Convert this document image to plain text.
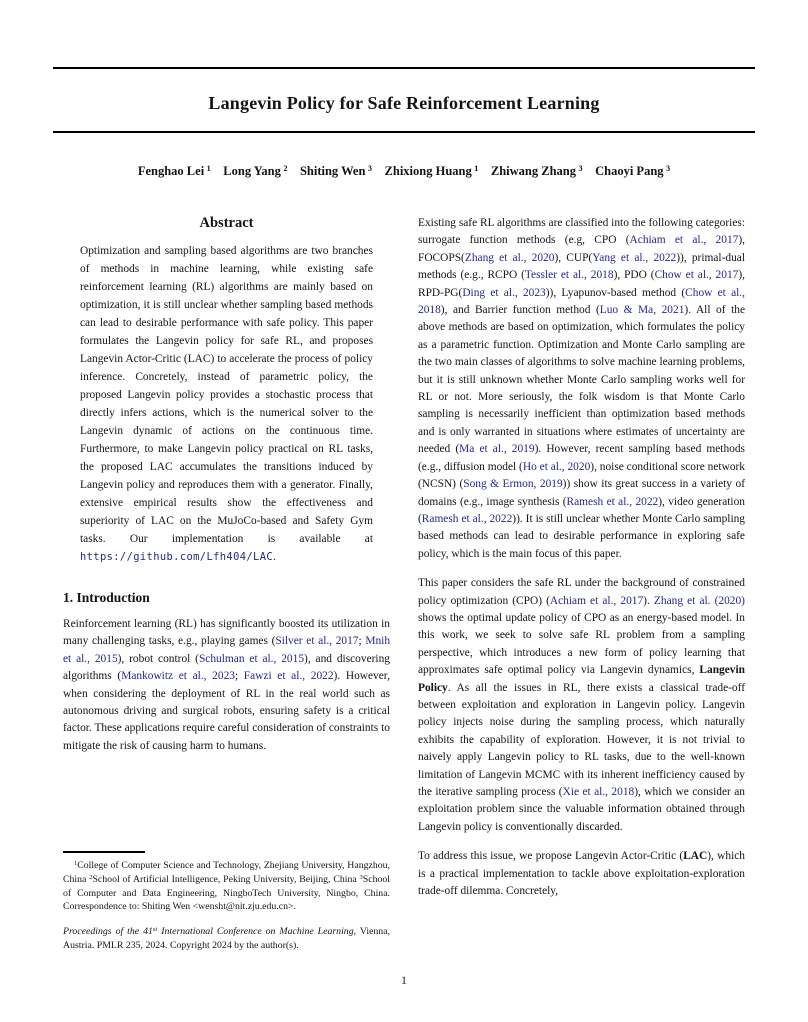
Langevin Policy for Safe Reinforcement Learning
Fenghao Lei $^1$  Long Yang $^2$  Shiting Wen $^3$  Zhixiong Huang $^1$  Zhiwang Zhang $^3$  Chaoyi Pang $^3$
Abstract

Optimization and sampling based algorithms are two branches of methods in machine learning, while existing safe reinforcement learning (RL) algorithms are mainly based on optimization, it is still unclear whether sampling based methods can lead to desirable performance with safe policy. This paper formulates the Langevin policy for safe RL, and proposes Langevin Actor-Critic (LAC) to accelerate the process of policy inference. Concretely, instead of parametric policy, the proposed Langevin policy provides a stochastic process that directly infers actions, which is the numerical solver to the Langevin dynamic of actions on the continuous time. Furthermore, to make Langevin policy practical on RL tasks, the proposed LAC accumulates the transitions induced by Langevin policy and reproduces them with a generator. Finally, extensive empirical results show the effectiveness and superiority of LAC on the MuJoCo-based and Safety Gym tasks. Our implementation is available at https://github.com/Lfh404/LAC.

1. Introduction

Reinforcement learning (RL) has significantly boosted its utilization in many challenging tasks, e.g., playing games (Silver et al., 2017; Mnih et al., 2015), robot control (Schulman et al., 2015), and discovering algorithms (Mankowitz et al., 2023; Fawzi et al., 2022). However, when considering the deployment of RL in the real world such as autonomous driving and surgical robots, ensuring safety is a critical factor. These applications require careful consideration of constraints to mitigate the risk of causing harm to humans.

Existing safe RL algorithms are classified into the following categories: surrogate function methods (e.g, CPO (Achiam et al., 2017), FOCOPS(Zhang et al., 2020), CUP(Yang et al., 2022)), primal-dual methods (e.g., RCPO (Tessler et al., 2018), PDO (Chow et al., 2017), RPD-PG(Ding et al., 2023)), Lyapunov-based method (Chow et al., 2018), and Barrier function method (Luo & Ma, 2021). All of the above methods are based on optimization, which formulates the policy as a parametric function. Optimization and Monte Carlo sampling are the two main classes of algorithms to solve machine learning problems, but it is still unknown whether Monte Carlo sampling works well for RL or not. More seriously, the folk wisdom is that Monte Carlo sampling is necessarily inefficient than optimization based methods and is only warranted in situations where estimates of uncertainty are needed (Ma et al., 2019). However, recent sampling based methods (e.g., diffusion model (Ho et al., 2020), noise conditional score network (NCSN) (Song & Ermon, 2019)) show its great success in a variety of domains (e.g., image synthesis (Ramesh et al., 2022), video generation (Ramesh et al., 2022)). It is still unclear whether Monte Carlo sampling based methods can lead to desirable performance in exploring safe policy, which is the main focus of this paper.

This paper considers the safe RL under the background of constrained policy optimization (CPO) (Achiam et al., 2017). Zhang et al. (2020) shows the optimal update policy of CPO as an energy-based model. In this work, we seek to solve safe RL problem from a sampling perspective, which introduces a new form of policy learning that approximates safe optimal policy via Langevin dynamics, Langevin Policy. As all the issues in RL, there exists a classical trade-off between exploitation and exploration in Langevin policy. Langevin policy injects noise during the sampling process, which naturally exhibits the capability of exploration. However, it is not trivial to naively apply Langevin policy to RL tasks, due to the well-known limitation of Langevin MCMC with its inherent inefficiency caused by the iterative sampling process (Xie et al., 2018), which we consider an exploitation problem since the valuable information obtained through Langevin policy is conventionally discarded.

To address this issue, we propose Langevin Actor-Critic (LAC), which is a practical implementation to tackle above exploitation-exploration trade-off dilemma. Concretely,

$^1$College of Computer Science and Technology, Zhejiang University, Hangzhou, China $^2$School of Artificial Intelligence, Peking University, Beijing, China $^3$School of Computer and Data Engineering, NingboTech University, Ningbo, China. Correspondence to: Shiting Wen <wensht@nit.zju.edu.cn>.

Proceedings of the 41st International Conference on Machine Learning, Vienna, Austria. PMLR 235, 2024. Copyright 2024 by the author(s).

1
